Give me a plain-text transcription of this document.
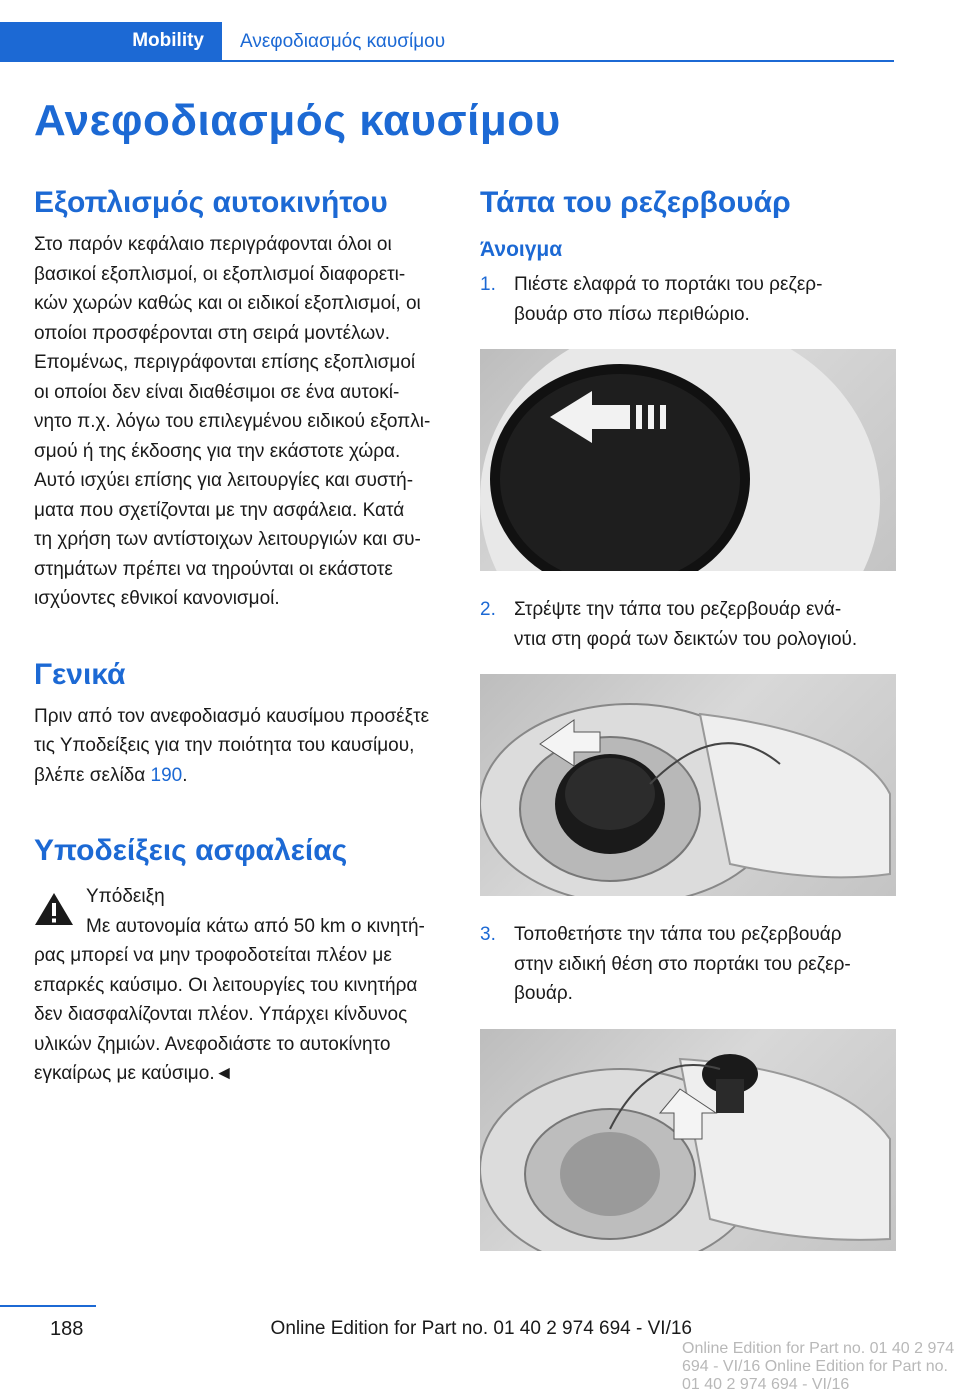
Mobility Ανεφοδιασμός καυσίμου
Ανεφοδιασμός καυσίμου
Εξοπλισμός αυτοκινήτου

Στο παρόν κεφάλαιο περιγράφονται όλοι οι
βασικοί εξοπλισμοί, οι εξοπλισμοί διαφορετι‐
κών χωρών καθώς και οι ειδικοί εξοπλισμοί, οι
οποίοι προσφέρονται στη σειρά μοντέλων.
Επομένως, περιγράφονται επίσης εξοπλισμοί
οι οποίοι δεν είναι διαθέσιμοι σε ένα αυτοκί‐
νητο π.χ. λόγω του επιλεγμένου ειδικού εξοπλι‐
σμού ή της έκδοσης για την εκάστοτε χώρα.
Αυτό ισχύει επίσης για λειτουργίες και συστή‐
ματα που σχετίζονται με την ασφάλεια. Κατά
τη χρήση των αντίστοιχων λειτουργιών και συ‐
στημάτων πρέπει να τηρούνται οι εκάστοτε
ισχύοντες εθνικοί κανονισμοί.

Γενικά

Πριν από τον ανεφοδιασμό καυσίμου προσέξτε
τις Υποδείξεις για την ποιότητα του καυσίμου,
βλέπε σελίδα 190.

Υποδείξεις ασφαλείας

Υπόδειξη

Με αυτονομία κάτω από 50 km ο κινητή‐
ρας μπορεί να μην τροφοδοτείται πλέον με
επαρκές καύσιμο. Οι λειτουργίες του κινητήρα
δεν διασφαλίζονται πλέον. Υπάρχει κίνδυνος
υλικών ζημιών. Ανεφοδιάστε το αυτοκίνητο
εγκαίρως με καύσιμο.◄

Τάπα του ρεζερβουάρ
Άνοιγμα
1. Πιέστε ελαφρά το πορτάκι του ρεζερ‐
βουάρ στο πίσω περιθώριο.

2. Στρέψτε την τάπα του ρεζερβουάρ ενά‐
ντια στη φορά των δεικτών του ρολογιού.

3. Τοποθετήστε την τάπα του ρεζερβουάρ
στην ειδική θέση στο πορτάκι του ρεζερ‐
βουάρ.

188	Online Edition for Part no. 01 40 2 974 694 - VI/16
Online Edition for Part no. 01 40 2 974 694 - VI/16 Online Edition for Part no. 01 40 2 974 694 - VI/16
